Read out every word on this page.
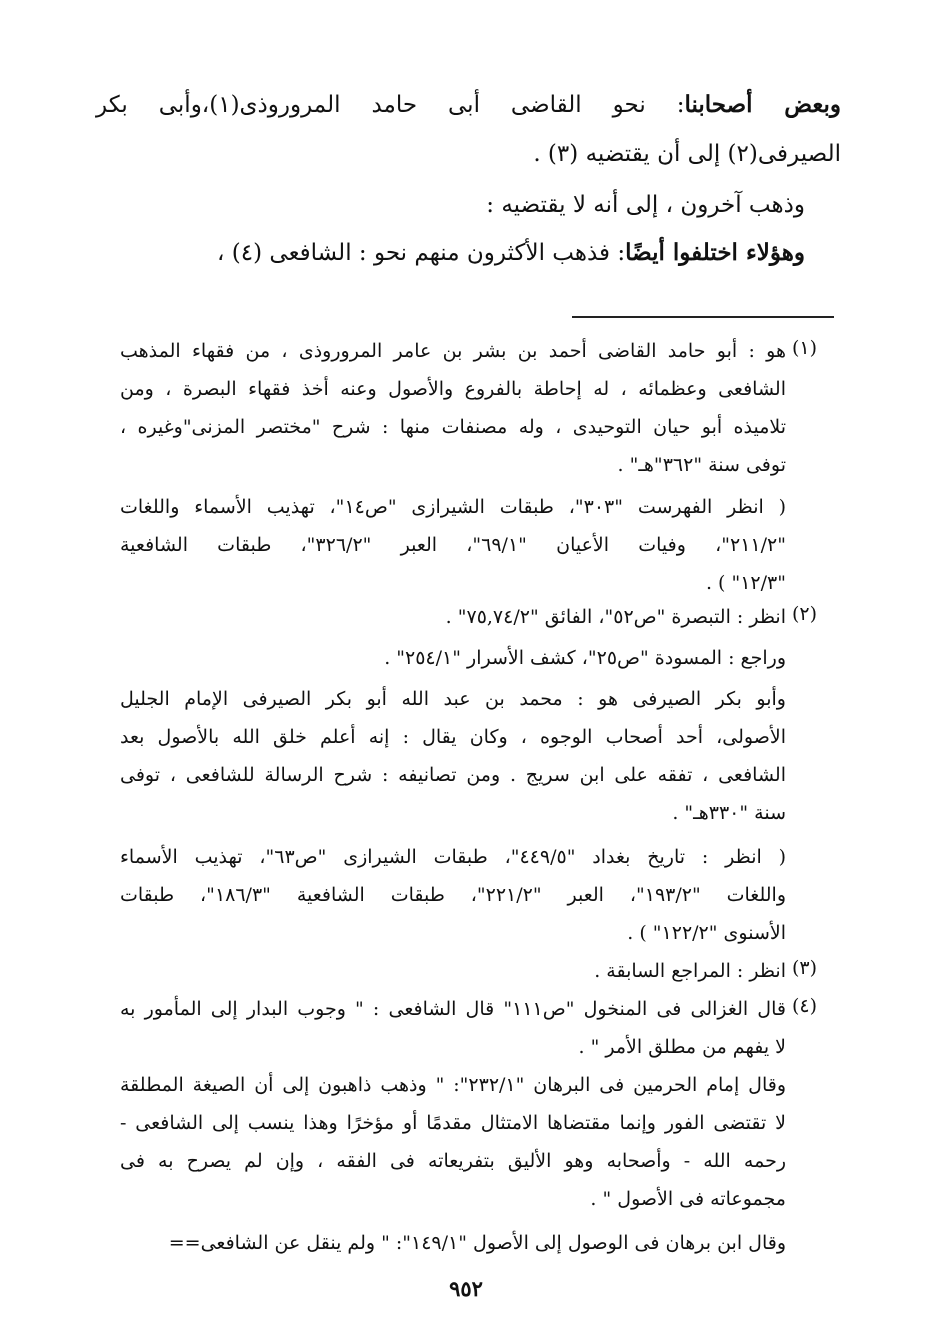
وبعض أصحابنا: نحو القاضى أبى حامد المروروذى(١)،وأبى بكر
الصيرفى(٢) إلى أن يقتضيه (٣) .
وذهب آخرون ، إلى أنه لا يقتضيه :
وهؤلاء اختلفوا أيضًا: فذهب الأكثرون منهم نحو : الشافعى (٤) ،
(١)
هو : أبو حامد القاضى أحمد بن بشر بن عامر المروروذى ، من فقهاء المذهب
الشافعى وعظمائه ، له إحاطة بالفروع والأصول وعنه أخذ فقهاء البصرة ، ومن
تلاميذه أبو حيان التوحيدى ، وله مصنفات منها : شرح "مختصر المزنى"وغيره ،
توفى سنة "٣٦٢"هـ" .
( انظر الفهرست "٣٠٣"، طبقات الشيرازى "ص١٤"، تهذيب الأسماء واللغات
"٢١١/٢"، وفيات الأعيان "٦٩/١"، العبر "٣٢٦/٢"، طبقات الشافعية
"١٢/٣" ) .
(٢)
انظر : التبصرة "ص٥٢"، الفائق "٧٥,٧٤/٢" .
وراجع : المسودة "ص٢٥"، كشف الأسرار "٢٥٤/١" .
وأبو بكر الصيرفى هو : محمد بن عبد الله أبو بكر الصيرفى الإمام الجليل
الأصولى، أحد أصحاب الوجوه ، وكان يقال : إنه أعلم خلق الله بالأصول بعد
الشافعى ، تفقه على ابن سريج . ومن تصانيفه : شرح الرسالة للشافعى ، توفى
سنة "٣٣٠هـ" .
( انظر : تاريخ بغداد "٤٤٩/٥"، طبقات الشيرازى "ص٦٣"، تهذيب الأسماء
واللغات "١٩٣/٢"، العبر "٢٢١/٢"، طبقات الشافعية "١٨٦/٣"، طبقات
الأسنوى "١٢٢/٢" ) .
(٣)
انظر : المراجع السابقة .
(٤)
قال الغزالى فى المنخول "ص١١١" قال الشافعى : " وجوب البدار إلى المأمور به
لا يفهم من مطلق الأمر " .
وقال إمام الحرمين فى البرهان "٢٣٢/١": " وذهب ذاهبون إلى أن الصيغة المطلقة
لا تقتضى الفور وإنما مقتضاها الامتثال مقدمًا أو مؤخرًا وهذا ينسب إلى الشافعى -
رحمه الله - وأصحابه وهو الأليق بتفريعاته فى الفقه ، وإن لم يصرح به فى
مجموعاته فى الأصول " .
وقال ابن برهان فى الوصول إلى الأصول "١٤٩/١": " ولم ينقل عن الشافعى==
٩٥٢
